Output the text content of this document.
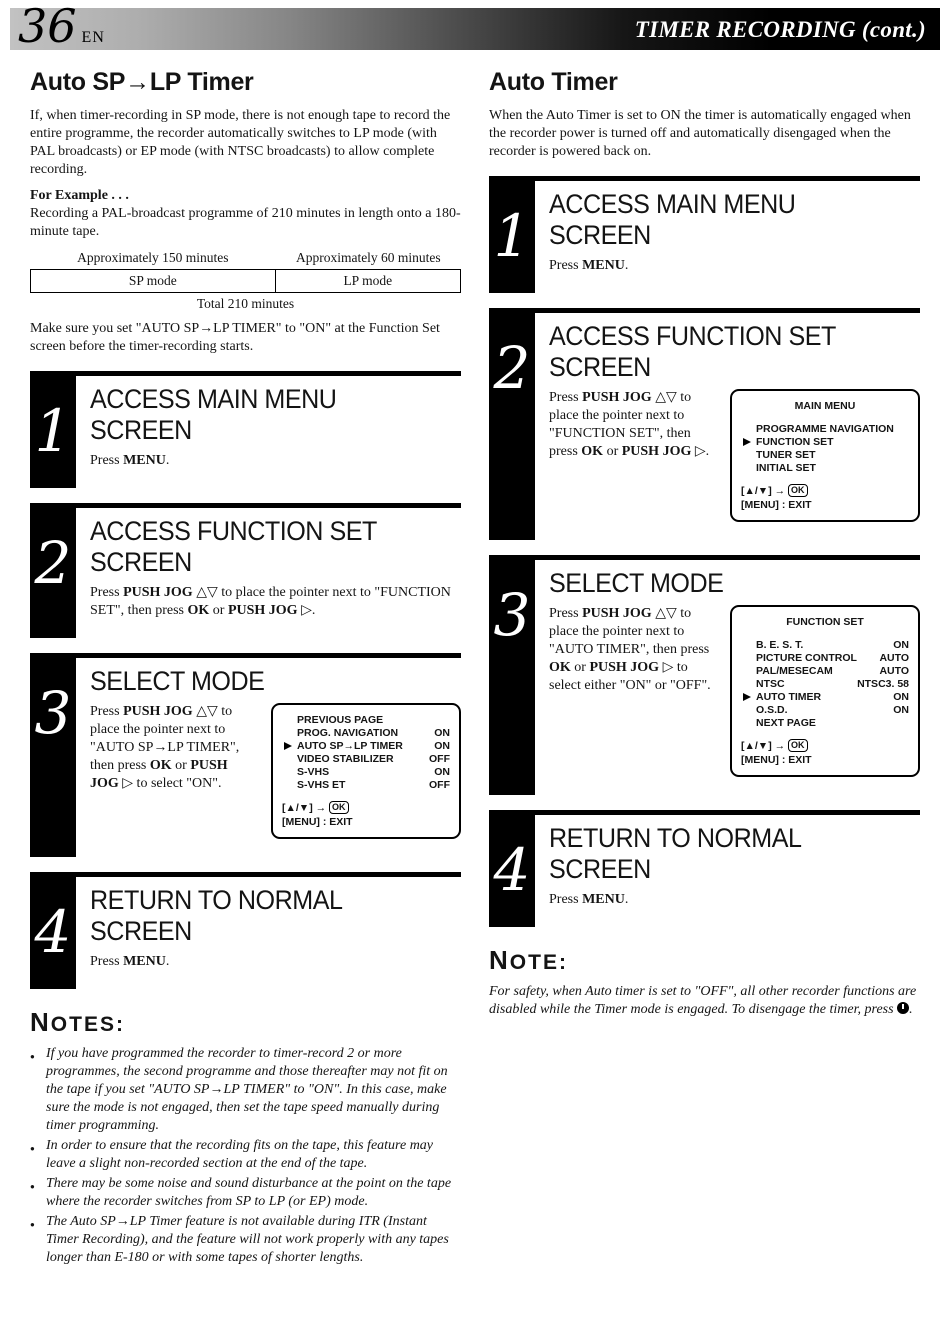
36 EN	TIMER RECORDING (cont.)
Auto SP→LP Timer

If, when timer-recording in SP mode, there is not enough tape to record the entire programme, the recorder automatically switches to LP mode (with PAL broadcasts) or EP mode (with NTSC broadcasts) to allow complete recording.

For Example . . .

Recording a PAL-broadcast programme of 210 minutes in length onto a 180-minute tape.

Approximately 150 minutes	Approximately 60 minutes
SP mode	LP mode
Total 210 minutes

Make sure you set "AUTO SP→LP TIMER" to "ON" at the Function Set screen before the timer-recording starts.

1 ACCESS MAIN MENU SCREEN
Press MENU.
2 ACCESS FUNCTION SET SCREEN
Press PUSH JOG △▽ to place the pointer next to "FUNCTION SET", then press OK or PUSH JOG ▷.
3 SELECT MODE
Press PUSH JOG △▽ to place the pointer next to "AUTO SP→LP TIMER", then press OK or PUSH JOG ▷ to select "ON".
PREVIOUS PAGE
PROG. NAVIGATION	ON
AUTO SP→LP TIMER	ON
VIDEO STABILIZER	OFF
S-VHS	ON
S-VHS ET	OFF
[▲/▼] → OK
[MENU] : EXIT
4 RETURN TO NORMAL SCREEN
Press MENU.
NOTES:
● If you have programmed the recorder to timer-record 2 or more programmes, the second programme and those thereafter may not fit on the tape if you set "AUTO SP→LP TIMER" to "ON". In this case, make sure the mode is not engaged, then set the tape speed manually during timer programming.
● In order to ensure that the recording fits on the tape, this feature may leave a slight non-recorded section at the end of the tape.
● There may be some noise and sound disturbance at the point on the tape where the recorder switches from SP to LP (or EP) mode.
● The Auto SP→LP Timer feature is not available during ITR (Instant Timer Recording), and the feature will not work properly with any tapes longer than E-180 or with some tapes of shorter lengths.
Auto Timer

When the Auto Timer is set to ON the timer is automatically engaged when the recorder power is turned off and automatically disengaged when the recorder is powered back on.

1 ACCESS MAIN MENU SCREEN
Press MENU.
2 ACCESS FUNCTION SET SCREEN
Press PUSH JOG △▽ to place the pointer next to "FUNCTION SET", then press OK or PUSH JOG ▷.
MAIN MENU
PROGRAMME NAVIGATION
FUNCTION SET
TUNER SET
INITIAL SET
[▲/▼] → OK
[MENU] : EXIT
3 SELECT MODE
Press PUSH JOG △▽ to place the pointer next to "AUTO TIMER", then press OK or PUSH JOG ▷ to select either "ON" or "OFF".
FUNCTION SET
B. E. S. T.	ON
PICTURE CONTROL	AUTO
PAL/MESECAM	AUTO
NTSC	NTSC3. 58
AUTO TIMER	ON
O.S.D.	ON
NEXT PAGE
[▲/▼] → OK
[MENU] : EXIT
4 RETURN TO NORMAL SCREEN
Press MENU.
NOTE:

For safety, when Auto timer is set to "OFF", all other recorder functions are disabled while the Timer mode is engaged. To disengage the timer, press .
